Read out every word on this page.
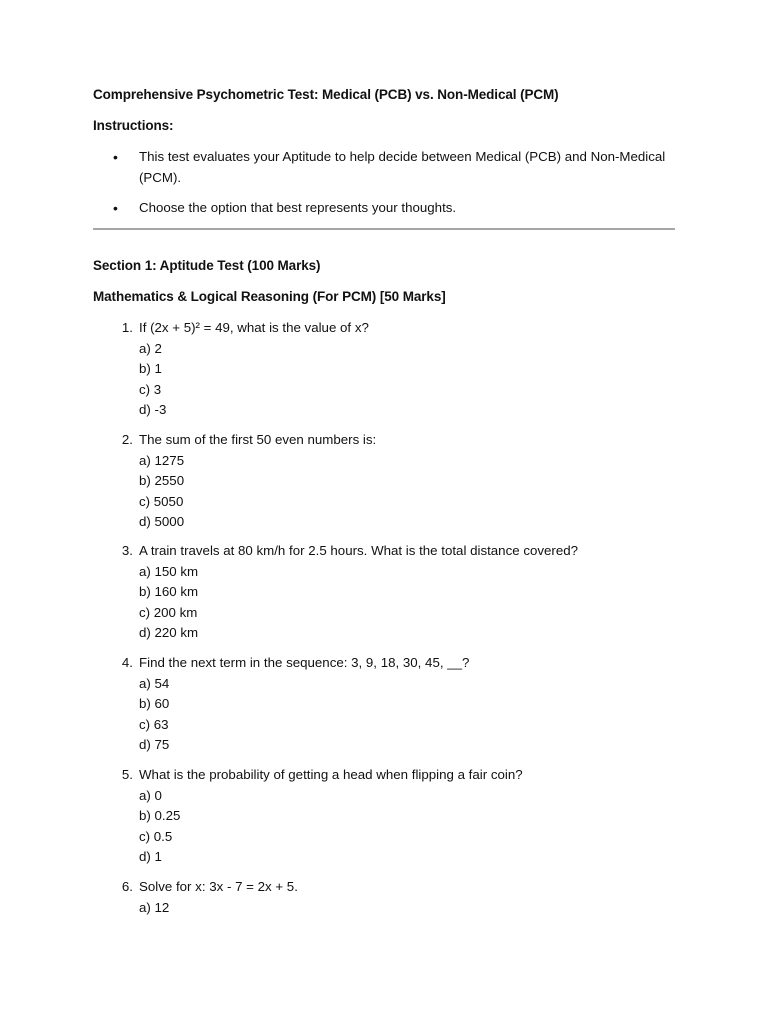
Comprehensive Psychometric Test: Medical (PCB) vs. Non-Medical (PCM)
Instructions:
•	This test evaluates your Aptitude to help decide between Medical (PCB) and Non-Medical (PCM).
•	Choose the option that best represents your thoughts.
Section 1: Aptitude Test (100 Marks)
Mathematics & Logical Reasoning (For PCM) [50 Marks]
1. If (2x + 5)² = 49, what is the value of x?
a) 2
b) 1
c) 3
d) -3
2. The sum of the first 50 even numbers is:
a) 1275
b) 2550
c) 5050
d) 5000
3. A train travels at 80 km/h for 2.5 hours. What is the total distance covered?
a) 150 km
b) 160 km
c) 200 km
d) 220 km
4. Find the next term in the sequence: 3, 9, 18, 30, 45, __?
a) 54
b) 60
c) 63
d) 75
5. What is the probability of getting a head when flipping a fair coin?
a) 0
b) 0.25
c) 0.5
d) 1
6. Solve for x: 3x - 7 = 2x + 5.
a) 12
